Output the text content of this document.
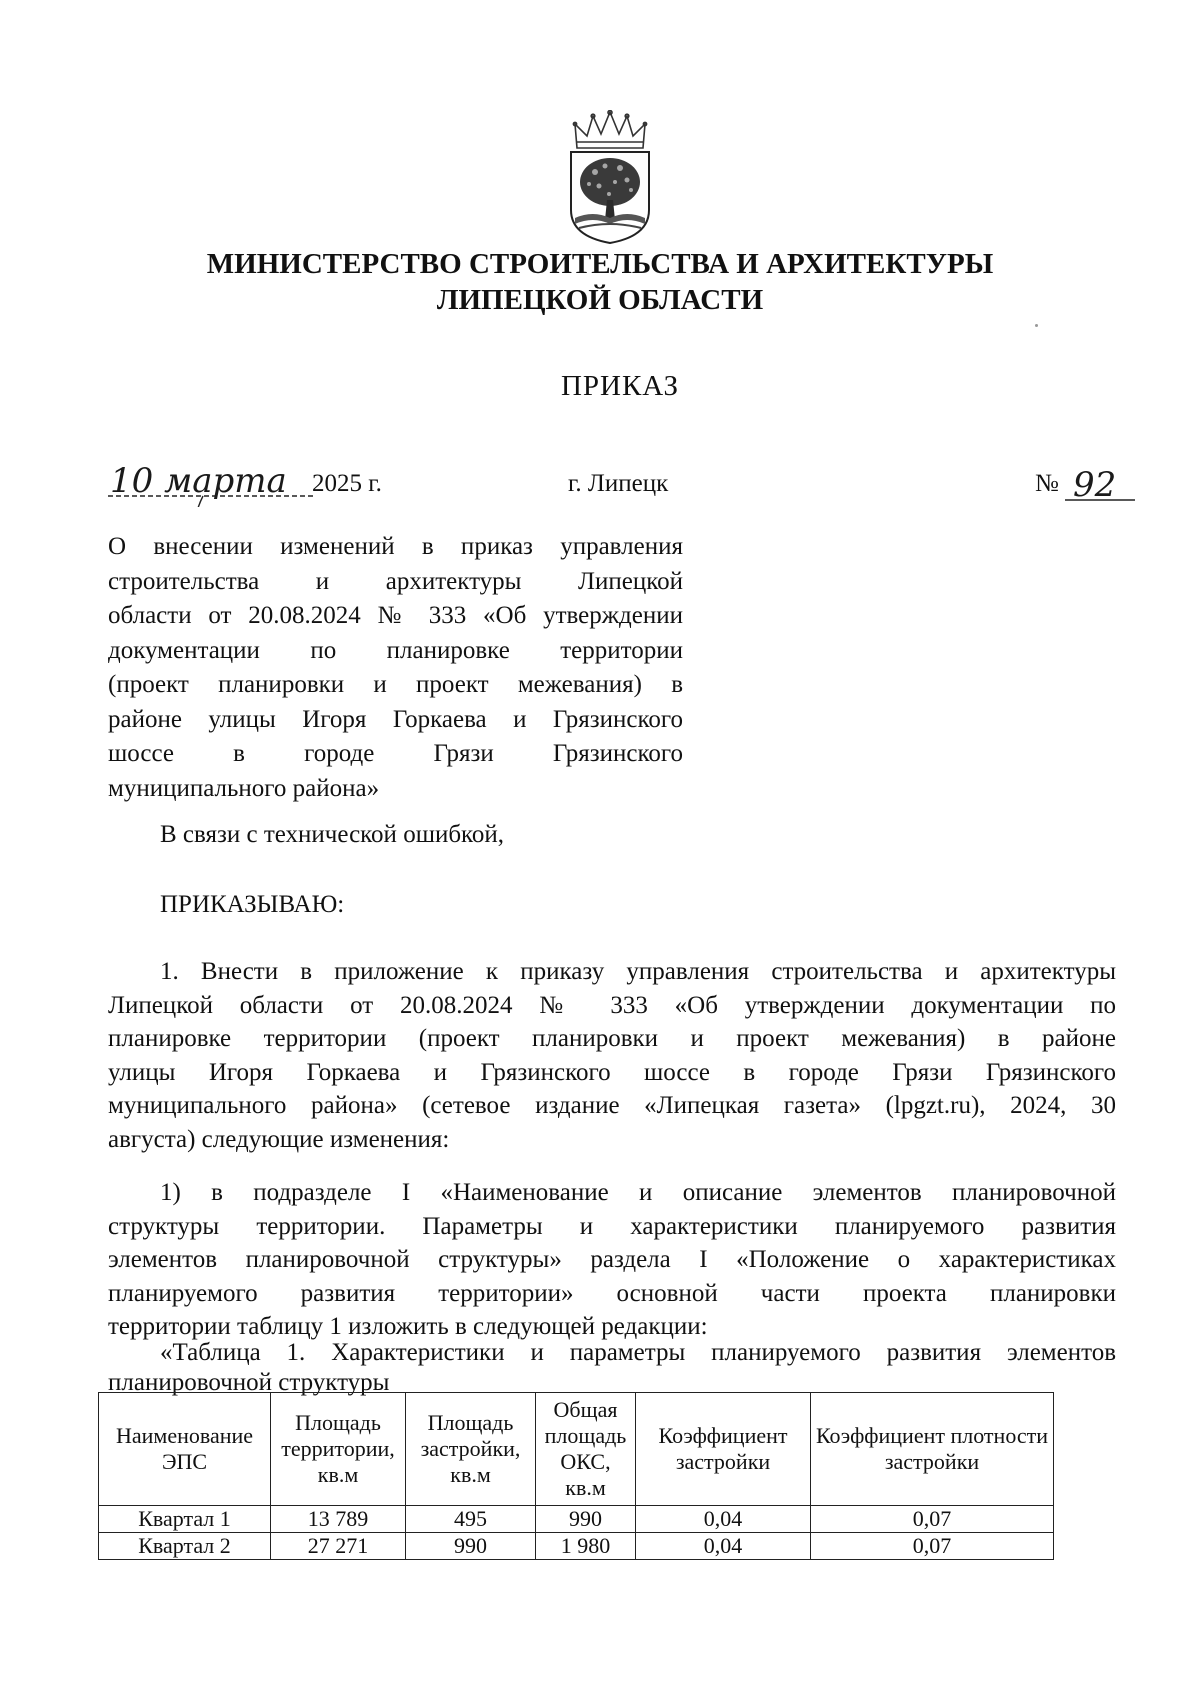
МИНИСТЕРСТВО СТРОИТЕЛЬСТВА И АРХИТЕКТУРЫ
ЛИПЕЦКОЙ ОБЛАСТИ
ПРИКАЗ
10 марта 2025 г.	г. Липецк	№ 92
О внесении изменений в приказ управления
строительства и архитектуры Липецкой
области от 20.08.2024 № 333 «Об утверждении
документации по планировке территории
(проект планировки и проект межевания) в
районе улицы Игоря Горкаева и Грязинского
шоссе в городе Грязи Грязинского
муниципального района»
В связи с технической ошибкой,
ПРИКАЗЫВАЮ:
1. Внести в приложение к приказу управления строительства и архитектуры
Липецкой области от 20.08.2024 № 333 «Об утверждении документации по
планировке территории (проект планировки и проект межевания) в районе
улицы Игоря Горкаева и Грязинского шоссе в городе Грязи Грязинского
муниципального района» (сетевое издание «Липецкая газета» (lpgzt.ru), 2024, 30
августа) следующие изменения:
1) в подразделе I «Наименование и описание элементов планировочной
структуры территории. Параметры и характеристики планируемого развития
элементов планировочной структуры» раздела I «Положение о характеристиках
планируемого развития территории» основной части проекта планировки
территории таблицу 1 изложить в следующей редакции:
«Таблица 1. Характеристики и параметры планируемого развития элементов
планировочной структуры
Наименование ЭПС	Площадь территории, кв.м	Площадь застройки, кв.м	Общая площадь ОКС, кв.м	Коэффициент застройки	Коэффициент плотности застройки
Квартал 1	13 789	495	990	0,04	0,07
Квартал 2	27 271	990	1 980	0,04	0,07
